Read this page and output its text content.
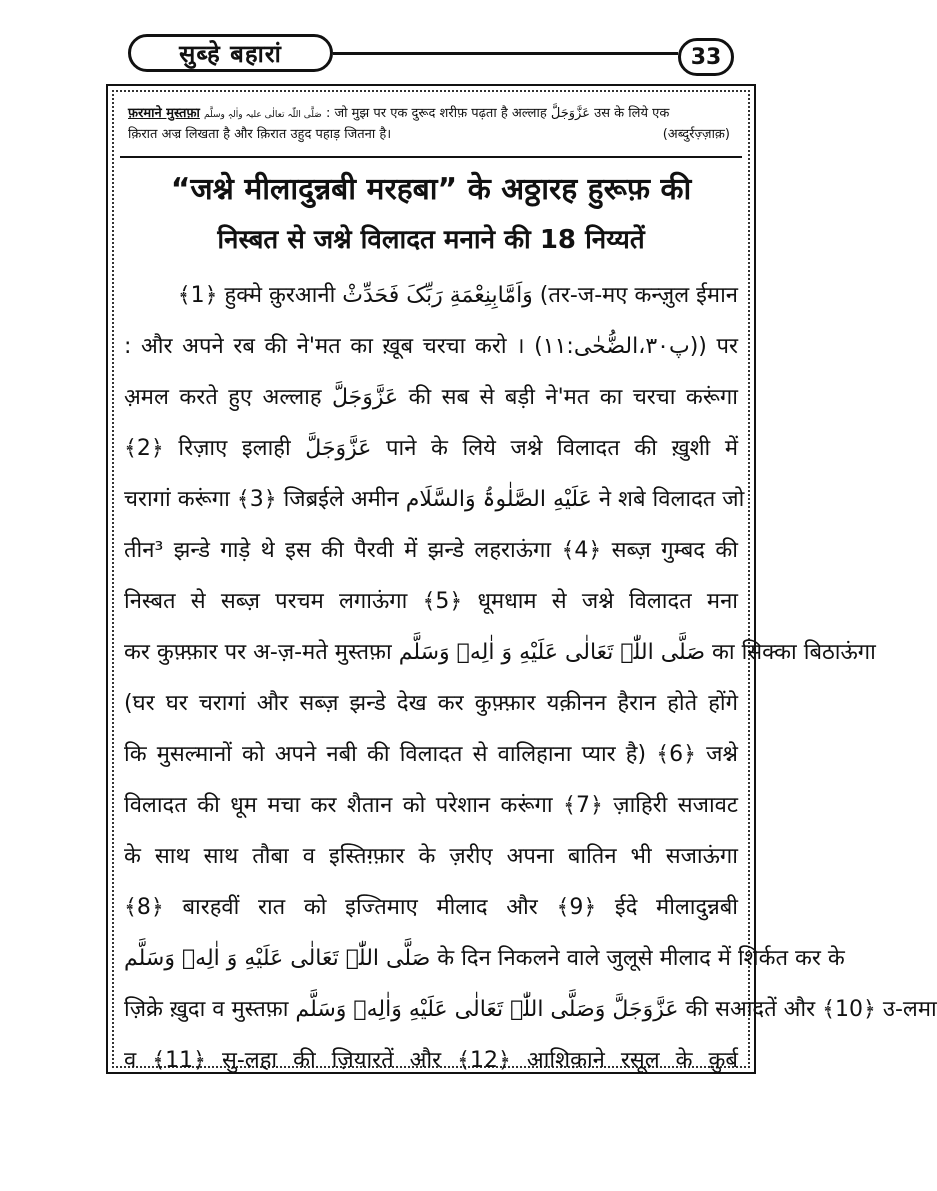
सुब्हे बहारां	33
फ़रमाने मुस्तफ़ा صَلَّی اللّٰہ تعالٰی علیہ واٰلہٖ وسلَّم : जो मुझ पर एक दुरूद शरीफ़ पढ़ता है अल्लाह عَزَّوَجَلَّ उस के लिये एक
क़िरात अज्र लिखता है और क़िरात उहुद पहाड़ जितना है।	(अब्दुर्रज़्ज़ाक़)
“जश्ने मीलादुन्नबी मरहबा” के अठ्ठारह हुरूफ़ की
निस्बत से जश्ने विलादत मनाने की 18 निय्यतें
﴾1﴿ हुक्मे क़ुरआनी وَاَمَّابِنِعْمَةِ رَبِّکَ فَحَدِّثْ (तर-ज-मए कन्ज़ुल ईमान
: और अपने रब की ने'मत का ख़ूब चरचा करो । (پ۳۰،الضُّحٰی:۱۱)) पर
अ़मल करते हुए अल्लाह عَزَّوَجَلَّ की सब से बड़ी ने'मत का चरचा करूंगा
﴾2﴿ रिज़ाए इलाही عَزَّوَجَلَّ पाने के लिये जश्ने विलादत की ख़ुशी में
चरागां करूंगा ﴾3﴿ जिब्रईले अमीन عَلَیْهِ الصَّلٰوۃُ وَالسَّلَام ने शबे विलादत जो
तीन³ झन्डे गाड़े थे इस की पैरवी में झन्डे लहराऊंगा ﴾4﴿ सब्ज़ गुम्बद की
निस्बत से सब्ज़ परचम लगाऊंगा ﴾5﴿ धूमधाम से जश्ने विलादत मना
कर कुफ़्फ़ार पर अ-ज़-मते मुस्तफ़ा صَلَّی اللّٰہ تَعَالٰی عَلَیْهِ وَ اٰلِهٖ وَسَلَّم का सिक्का बिठाऊंगा
(घर घर चरागां और सब्ज़ झन्डे देख कर कुफ़्फ़ार यक़ीनन हैरान होते होंगे
कि मुसल्मानों को अपने नबी की विलादत से वालिहाना प्यार है) ﴾6﴿ जश्ने
विलादत की धूम मचा कर शैतान को परेशान करूंगा ﴾7﴿ ज़ाहिरी सजावट
के साथ साथ तौबा व इस्तिग़्फ़ार के ज़रीए अपना बातिन भी सजाऊंगा
﴾8﴿ बारहवीं रात को इज्तिमाए मीलाद और ﴾9﴿ ईदे मीलादुन्नबी
صَلَّی اللّٰہ تَعَالٰی عَلَیْهِ وَ اٰلِهٖ وَسَلَّم के दिन निकलने वाले जुलूसे मीलाद में शिर्कत कर के
ज़िक्रे ख़ुदा व मुस्तफ़ा عَزَّوَجَلَّ وَصَلَّی اللّٰہ تَعَالٰی عَلَیْهِ وَاٰلِهٖ وَسَلَّم की सआदतें और ﴾10﴿ उ-लमा
व ﴾11﴿ सु-लहा की ज़ियारतें और ﴾12﴿ आशिक़ाने रसूल के क़ुर्ब
